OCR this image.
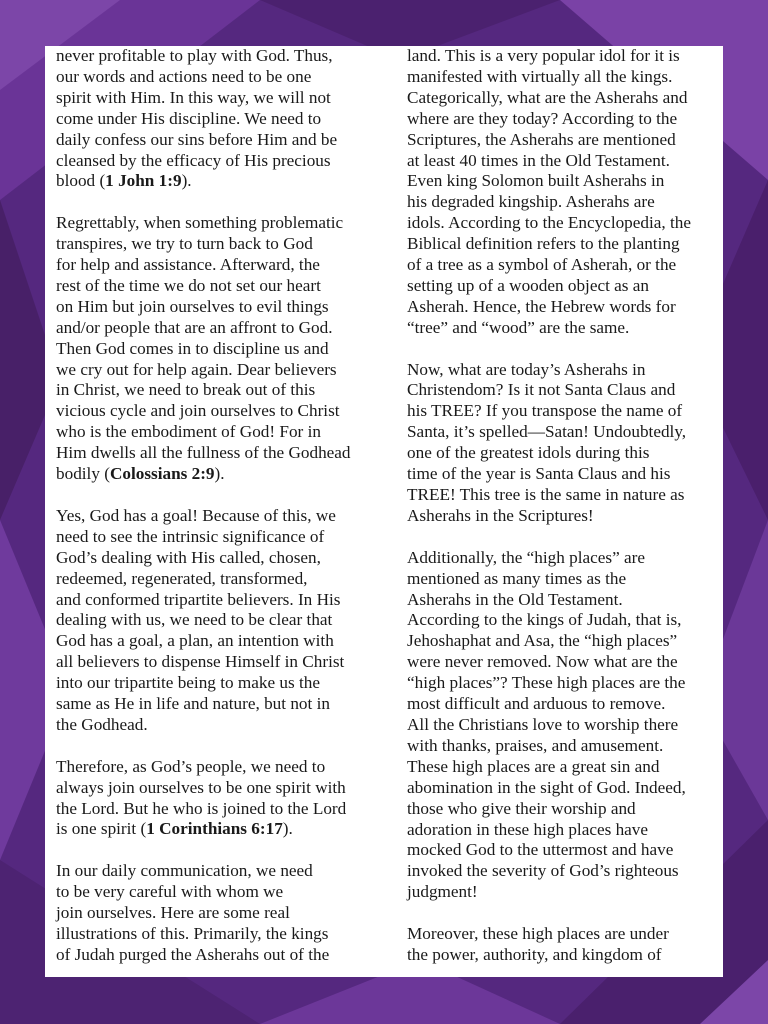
never profitable to play with God. Thus,
our words and actions need to be one
spirit with Him. In this way, we will not
come under His discipline. We need to
daily confess our sins before Him and be
cleansed by the efficacy of His precious
blood (1 John 1:9).

Regrettably, when something problematic
transpires, we try to turn back to God
for help and assistance. Afterward, the
rest of the time we do not set our heart
on Him but join ourselves to evil things
and/or people that are an affront to God.
Then God comes in to discipline us and
we cry out for help again. Dear believers
in Christ, we need to break out of this
vicious cycle and join ourselves to Christ
who is the embodiment of God! For in
Him dwells all the fullness of the Godhead
bodily (Colossians 2:9).

Yes, God has a goal! Because of this, we
need to see the intrinsic significance of
God’s dealing with His called, chosen,
redeemed, regenerated, transformed,
and conformed tripartite believers. In His
dealing with us, we need to be clear that
God has a goal, a plan, an intention with
all believers to dispense Himself in Christ
into our tripartite being to make us the
same as He in life and nature, but not in
the Godhead.

Therefore, as God’s people, we need to
always join ourselves to be one spirit with
the Lord. But he who is joined to the Lord
is one spirit (1 Corinthians 6:17).

In our daily communication, we need
to be very careful with whom we
join ourselves. Here are some real
illustrations of this. Primarily, the kings
of Judah purged the Asherahs out of the

land. This is a very popular idol for it is
manifested with virtually all the kings.
Categorically, what are the Asherahs and
where are they today? According to the
Scriptures, the Asherahs are mentioned
at least 40 times in the Old Testament.
Even king Solomon built Asherahs in
his degraded kingship. Asherahs are
idols. According to the Encyclopedia, the
Biblical definition refers to the planting
of a tree as a symbol of Asherah, or the
setting up of a wooden object as an
Asherah. Hence, the Hebrew words for
“tree” and “wood” are the same.

Now, what are today’s Asherahs in
Christendom? Is it not Santa Claus and
his TREE? If you transpose the name of
Santa, it’s spelled—Satan! Undoubtedly,
one of the greatest idols during this
time of the year is Santa Claus and his
TREE! This tree is the same in nature as
Asherahs in the Scriptures!

Additionally, the “high places” are
mentioned as many times as the
Asherahs in the Old Testament.
According to the kings of Judah, that is,
Jehoshaphat and Asa, the “high places”
were never removed. Now what are the
“high places”? These high places are the
most difficult and arduous to remove.
All the Christians love to worship there
with thanks, praises, and amusement.
These high places are a great sin and
abomination in the sight of God. Indeed,
those who give their worship and
adoration in these high places have
mocked God to the uttermost and have
invoked the severity of God’s righteous
judgment!

Moreover, these high places are under
the power, authority, and kingdom of
